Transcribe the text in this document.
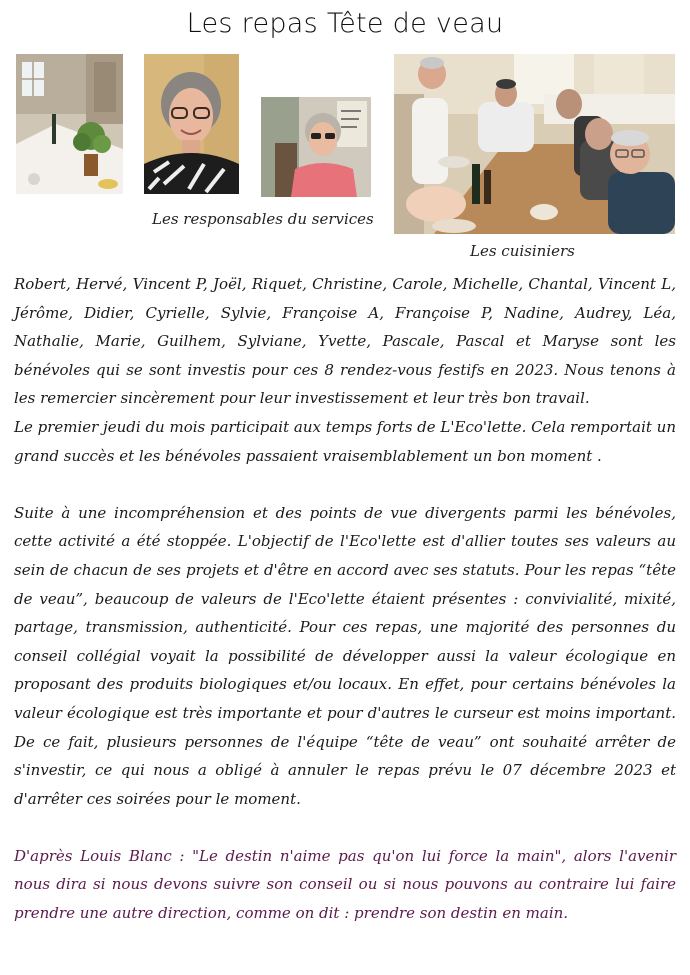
Les repas Tête de veau
Les responsables du services
Les cuisiniers

Robert, Hervé, Vincent P, Joël, Riquet, Christine, Carole, Michelle, Chantal, Vincent L, Jérôme, Didier, Cyrielle, Sylvie, Françoise A, Françoise P, Nadine, Audrey, Léa, Nathalie, Marie, Guilhem, Sylviane, Yvette, Pascale, Pascal et Maryse sont les bénévoles qui se sont investis pour ces 8 rendez-vous festifs en 2023. Nous tenons à les remercier sincèrement pour leur investissement et leur très bon travail.

Le premier jeudi du mois participait aux temps forts de L'Eco'lette. Cela remportait un grand succès et les bénévoles passaient vraisemblablement un bon moment .

Suite à une incompréhension et des points de vue divergents parmi les bénévoles, cette activité a été stoppée. L'objectif de l'Eco'lette est d'allier toutes ses valeurs au sein de chacun de ses projets et d'être en accord avec ses statuts. Pour les repas “tête de veau”, beaucoup de valeurs de l'Eco'lette étaient présentes : convivialité, mixité, partage, transmission, authenticité. Pour ces repas, une majorité des personnes du conseil collégial voyait la possibilité de développer aussi la valeur écologique en proposant des produits biologiques et/ou locaux. En effet, pour certains bénévoles la valeur écologique est très importante et pour d'autres le curseur est moins important. De ce fait, plusieurs personnes de l'équipe “tête de veau” ont souhaité arrêter de s'investir, ce qui nous a obligé à annuler le repas prévu le 07 décembre 2023 et d'arrêter ces soirées pour le moment.

D'après Louis Blanc : "Le destin n'aime pas qu'on lui force la main", alors l'avenir nous dira si nous devons suivre son conseil ou si nous pouvons au contraire lui faire prendre une autre direction, comme on dit : prendre son destin en main.
